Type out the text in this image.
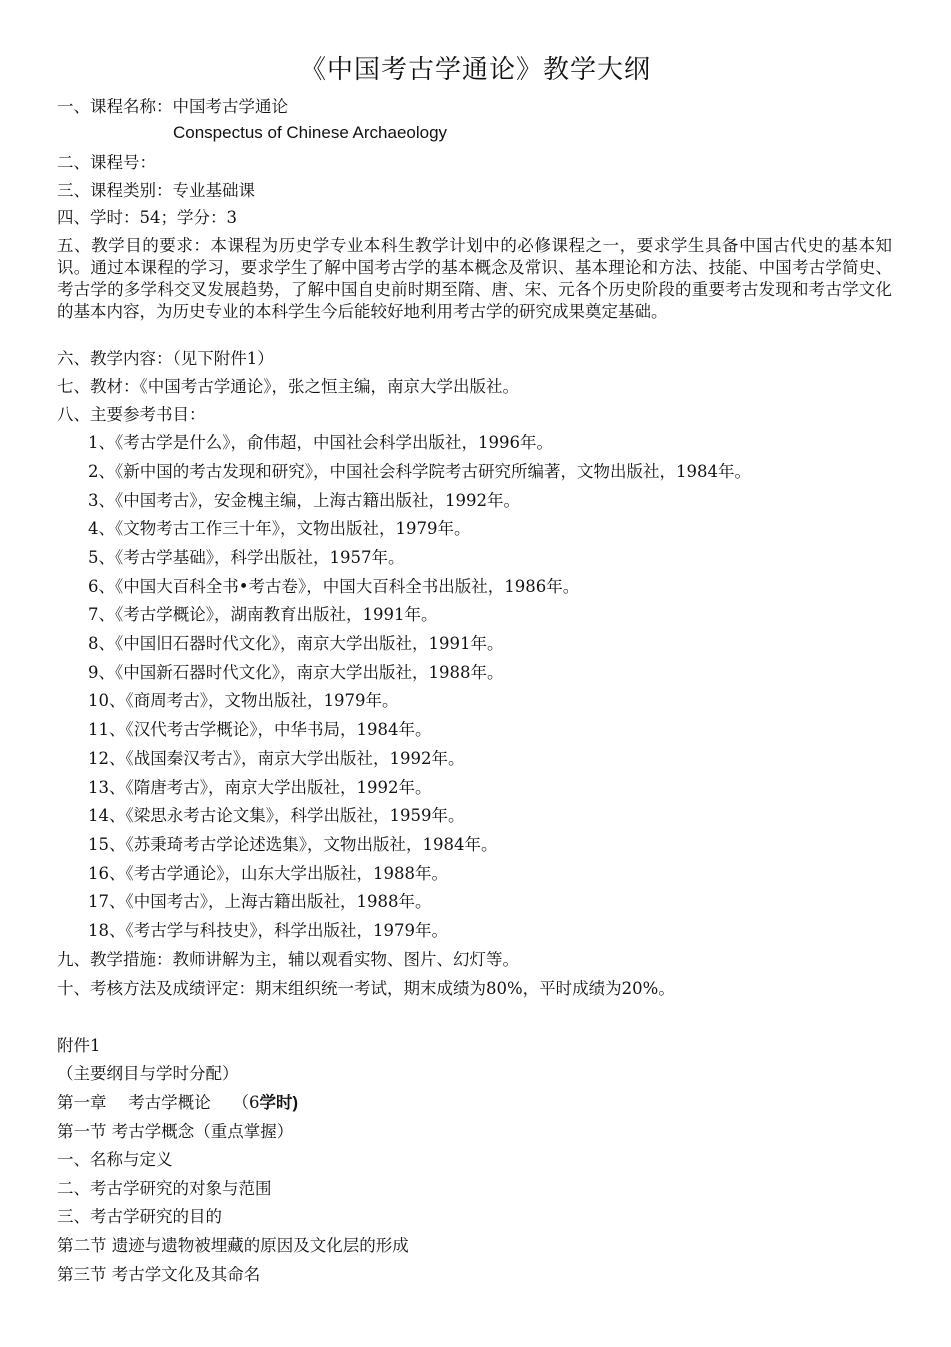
《中国考古学通论》教学大纲
一、课程名称：中国考古学通论
Conspectus of Chinese Archaeology
二、课程号：
三、课程类别：专业基础课
四、学时：54；学分：3
五、教学目的要求：本课程为历史学专业本科生教学计划中的必修课程之一，要求学生具备中国古代史的基本知识。通过本课程的学习，要求学生了解中国考古学的基本概念及常识、基本理论和方法、技能、中国考古学简史、考古学的多学科交叉发展趋势，了解中国自史前时期至隋、唐、宋、元各个历史阶段的重要考古发现和考古学文化的基本内容，为历史专业的本科学生今后能较好地利用考古学的研究成果奠定基础。
六、教学内容：（见下附件1）
七、教材：《中国考古学通论》，张之恒主编，南京大学出版社。
八、主要参考书目：
1、《考古学是什么》，俞伟超，中国社会科学出版社，1996年。
2、《新中国的考古发现和研究》，中国社会科学院考古研究所编著，文物出版社，1984年。
3、《中国考古》，安金槐主编，上海古籍出版社，1992年。
4、《文物考古工作三十年》，文物出版社，1979年。
5、《考古学基础》，科学出版社，1957年。
6、《中国大百科全书•考古卷》，中国大百科全书出版社，1986年。
7、《考古学概论》，湖南教育出版社，1991年。
8、《中国旧石器时代文化》，南京大学出版社，1991年。
9、《中国新石器时代文化》，南京大学出版社，1988年。
10、《商周考古》，文物出版社，1979年。
11、《汉代考古学概论》，中华书局，1984年。
12、《战国秦汉考古》，南京大学出版社，1992年。
13、《隋唐考古》，南京大学出版社，1992年。
14、《梁思永考古论文集》，科学出版社，1959年。
15、《苏秉琦考古学论述选集》，文物出版社，1984年。
16、《考古学通论》，山东大学出版社，1988年。
17、《中国考古》，上海古籍出版社，1988年。
18、《考古学与科技史》，科学出版社，1979年。
九、教学措施：教师讲解为主，辅以观看实物、图片、幻灯等。
十、考核方法及成绩评定：期末组织统一考试，期末成绩为80%，平时成绩为20%。
附件1
（主要纲目与学时分配）
第一章　 考古学概论　 （6学时)
第一节 考古学概念（重点掌握）
一、名称与定义
二、考古学研究的对象与范围
三、考古学研究的目的
第二节 遗迹与遗物被埋藏的原因及文化层的形成
第三节 考古学文化及其命名
